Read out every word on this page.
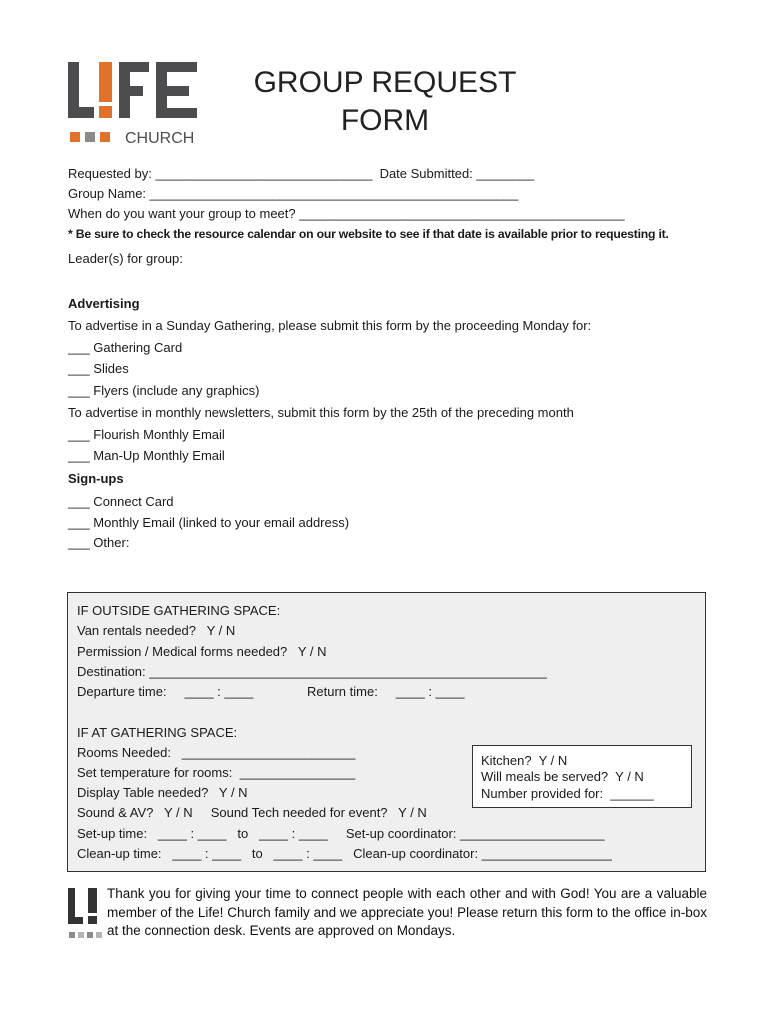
CHURCH
GROUP REQUEST
FORM
Requested by: ______________________________  Date Submitted: ________
Group Name: ___________________________________________________
When do you want your group to meet? _____________________________________________
* Be sure to check the resource calendar on our website to see if that date is available prior to requesting it.
Leader(s) for group:
Advertising
To advertise in a Sunday Gathering, please submit this form by the proceeding Monday for:
___ Gathering Card
___ Slides
___ Flyers (include any graphics)
To advertise in monthly newsletters, submit this form by the 25th of the preceding month
___ Flourish Monthly Email
___ Man-Up Monthly Email
Sign-ups
___ Connect Card
___ Monthly Email (linked to your email address)
___ Other:
IF OUTSIDE GATHERING SPACE:
Van rentals needed?   Y / N
Permission / Medical forms needed?   Y / N
Destination: _______________________________________________________
Departure time:     ____ : ____	Return time:     ____ : ____
IF AT GATHERING SPACE:
Rooms Needed:   ________________________
Set temperature for rooms:  ________________
Display Table needed?   Y / N
Sound & AV?   Y / N     Sound Tech needed for event?   Y / N
Set-up time:   ____ : ____   to   ____ : ____     Set-up coordinator: ____________________
Clean-up time:   ____ : ____   to   ____ : ____   Clean-up coordinator: __________________
Kitchen?  Y / N
Will meals be served?  Y / N
Number provided for:  ______
Thank you for giving your time to connect people with each other and with God! You are a valuable member of the Life! Church family and we appreciate you! Please return this form to the office in-box at the connection desk. Events are approved on Mondays.
